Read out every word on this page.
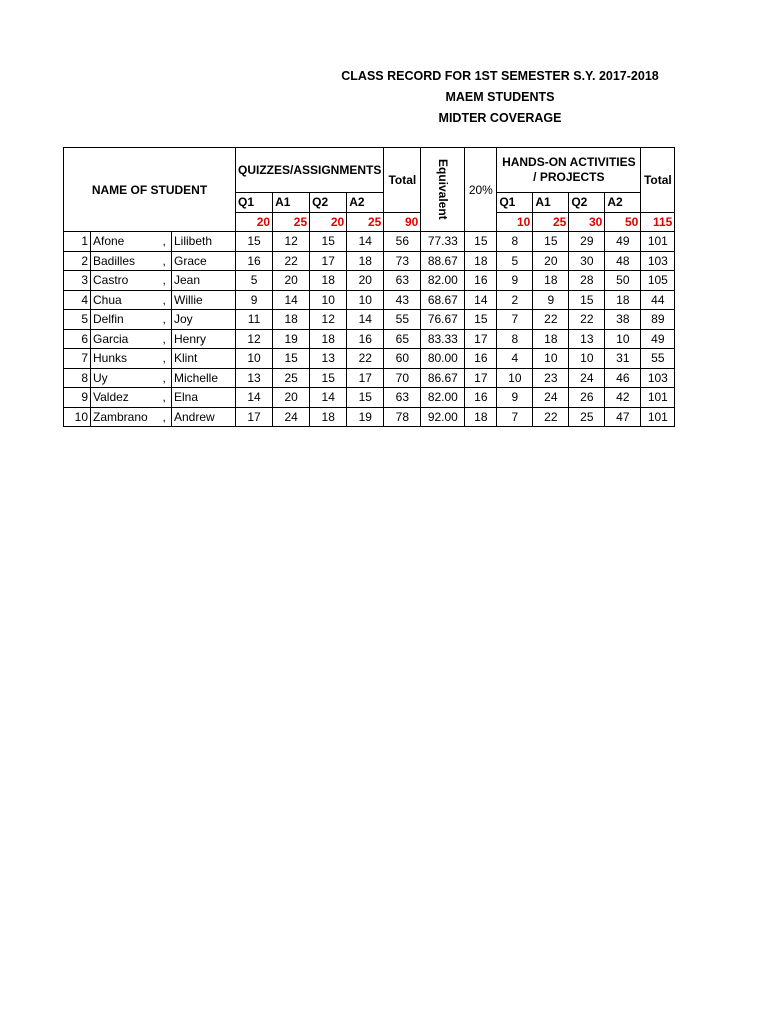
CLASS RECORD FOR 1ST SEMESTER S.Y. 2017-2018
MAEM STUDENTS
MIDTER COVERAGE
NAME OF STUDENT				QUIZZES/ASSIGNMENTS				Total	Equivalent	20%	HANDS-ON ACTIVITIES / PROJECTS				Total
				Q1	A1	Q2	A2				Q1	A1	Q2	A2	
				20	25	20	25	90			10	25	30	50	115
1	Afone	,	Lilibeth	15	12	15	14	56	77.33	15	8	15	29	49	101
2	Badilles	,	Grace	16	22	17	18	73	88.67	18	5	20	30	48	103
3	Castro	,	Jean	5	20	18	20	63	82.00	16	9	18	28	50	105
4	Chua	,	Willie	9	14	10	10	43	68.67	14	2	9	15	18	44
5	Delfin	,	Joy	11	18	12	14	55	76.67	15	7	22	22	38	89
6	Garcia	,	Henry	12	19	18	16	65	83.33	17	8	18	13	10	49
7	Hunks	,	Klint	10	15	13	22	60	80.00	16	4	10	10	31	55
8	Uy	,	Michelle	13	25	15	17	70	86.67	17	10	23	24	46	103
9	Valdez	,	Elna	14	20	14	15	63	82.00	16	9	24	26	42	101
10	Zambrano	,	Andrew	17	24	18	19	78	92.00	18	7	22	25	47	101
